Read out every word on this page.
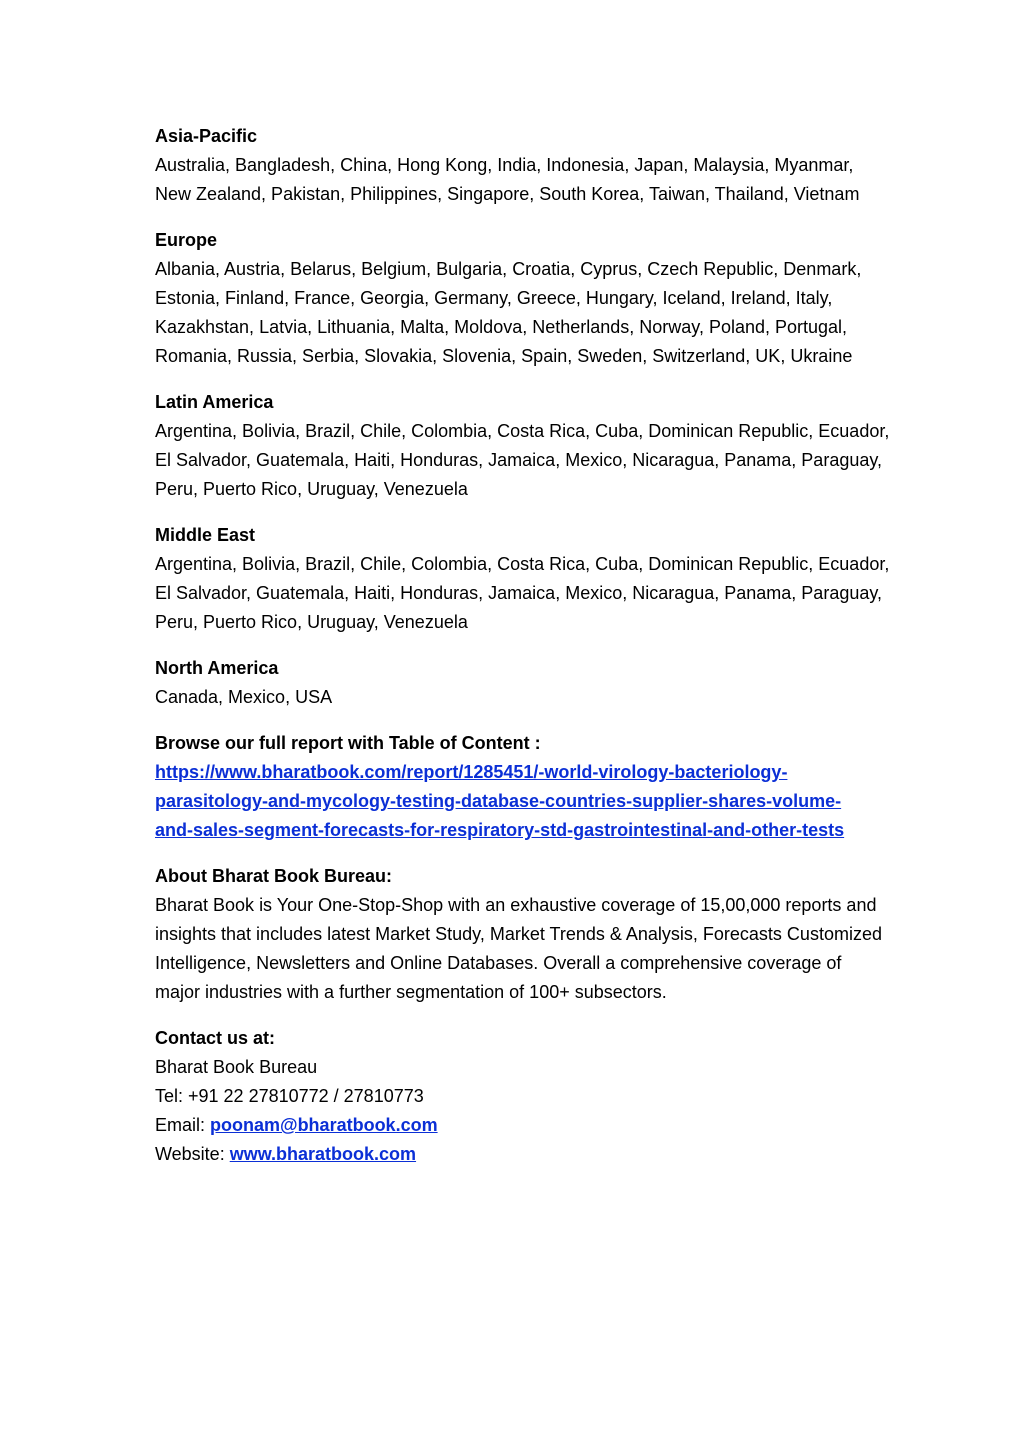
Asia-Pacific
Australia, Bangladesh, China, Hong Kong, India, Indonesia, Japan, Malaysia, Myanmar, New Zealand, Pakistan, Philippines, Singapore, South Korea, Taiwan, Thailand, Vietnam
Europe
Albania, Austria, Belarus, Belgium, Bulgaria, Croatia, Cyprus, Czech Republic, Denmark, Estonia, Finland, France, Georgia, Germany, Greece, Hungary, Iceland, Ireland, Italy, Kazakhstan, Latvia, Lithuania, Malta, Moldova, Netherlands, Norway, Poland, Portugal, Romania, Russia, Serbia, Slovakia, Slovenia, Spain, Sweden, Switzerland, UK, Ukraine
Latin America
Argentina, Bolivia, Brazil, Chile, Colombia, Costa Rica, Cuba, Dominican Republic, Ecuador, El Salvador, Guatemala, Haiti, Honduras, Jamaica, Mexico, Nicaragua, Panama, Paraguay, Peru, Puerto Rico, Uruguay, Venezuela
Middle East
Argentina, Bolivia, Brazil, Chile, Colombia, Costa Rica, Cuba, Dominican Republic, Ecuador, El Salvador, Guatemala, Haiti, Honduras, Jamaica, Mexico, Nicaragua, Panama, Paraguay, Peru, Puerto Rico, Uruguay, Venezuela
North America
Canada, Mexico, USA
Browse our full report with Table of Content :
https://www.bharatbook.com/report/1285451/-world-virology-bacteriology-
parasitology-and-mycology-testing-database-countries-supplier-shares-volume-
and-sales-segment-forecasts-for-respiratory-std-gastrointestinal-and-other-tests
About Bharat Book Bureau:
Bharat Book is Your One-Stop-Shop with an exhaustive coverage of 15,00,000 reports and insights that includes latest Market Study, Market Trends & Analysis, Forecasts Customized Intelligence, Newsletters and Online Databases. Overall a comprehensive coverage of major industries with a further segmentation of 100+ subsectors.
Contact us at:
Bharat Book Bureau
Tel: +91 22 27810772 / 27810773
Email: poonam@bharatbook.com
Website: www.bharatbook.com
